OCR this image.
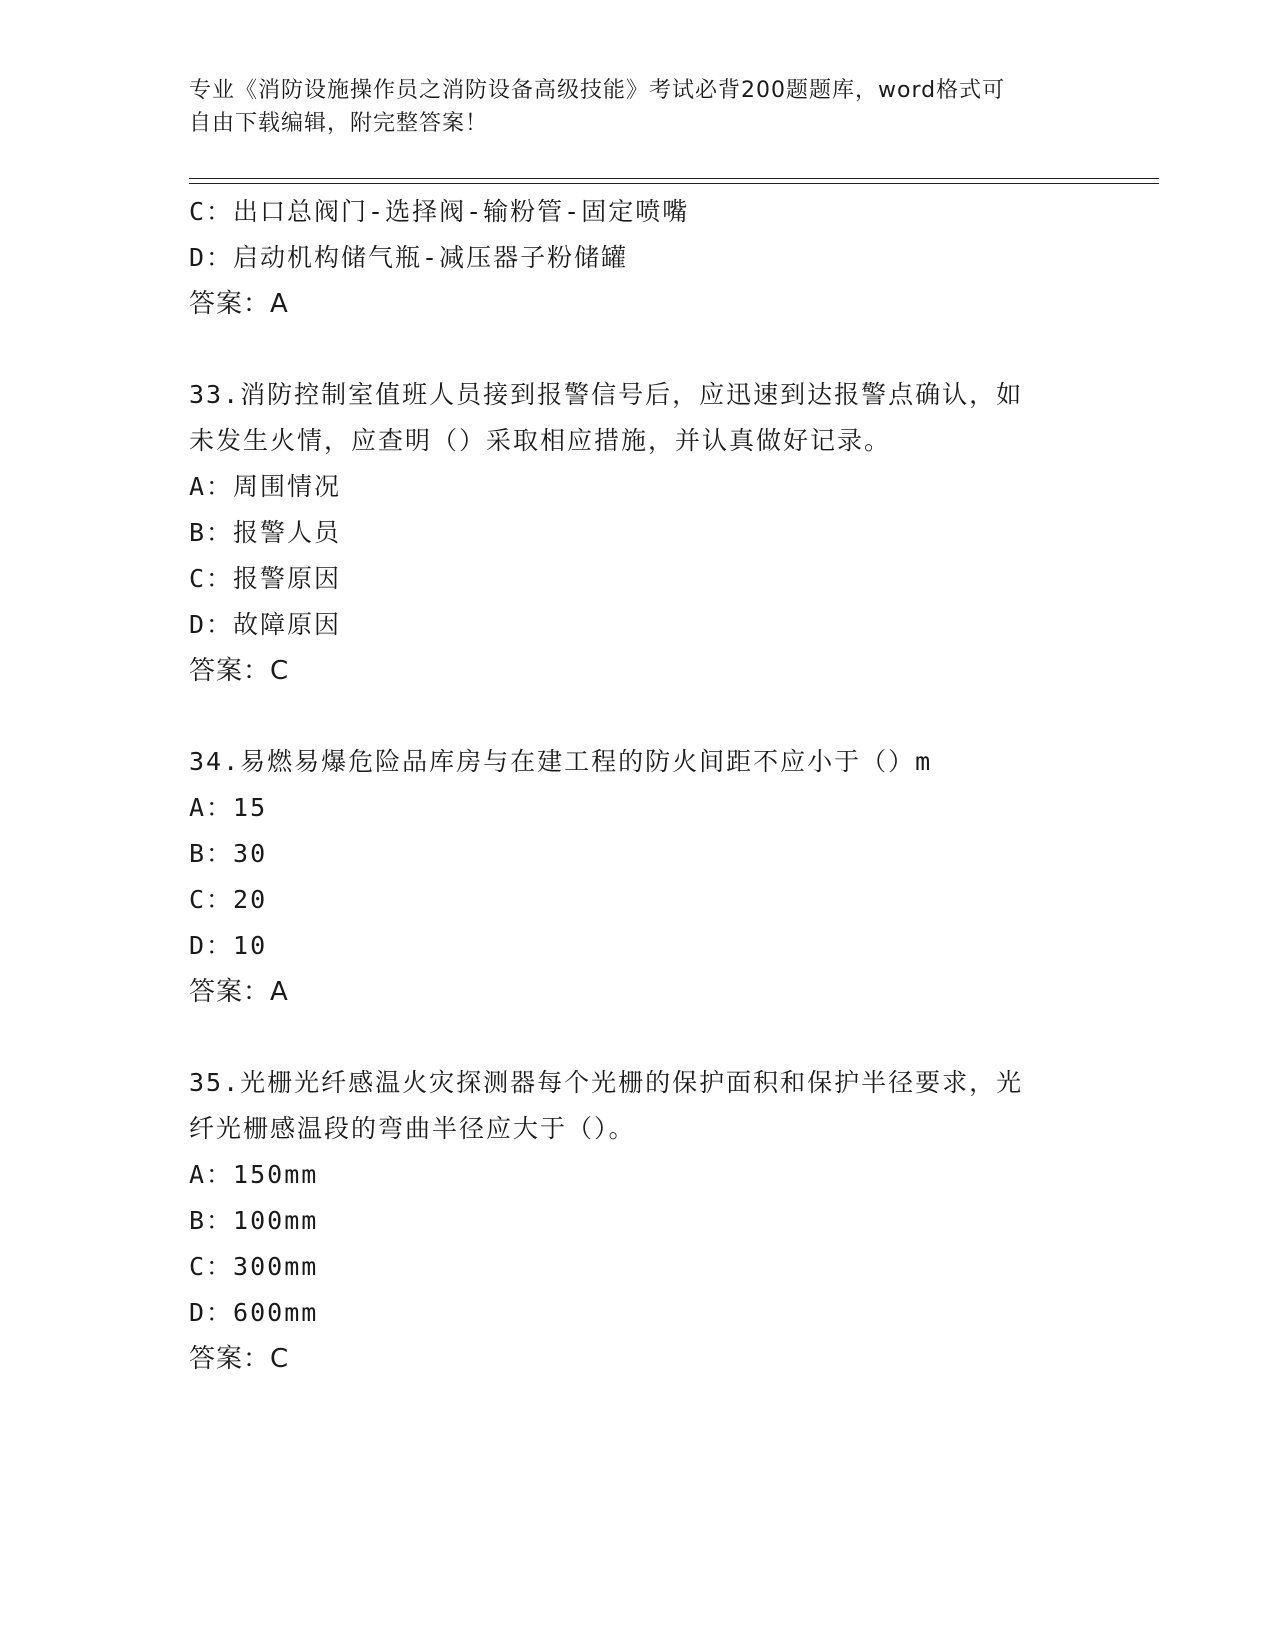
专业《消防设施操作员之消防设备高级技能》考试必背200题题库，word格式可
自由下载编辑，附完整答案！
C：出口总阀门-选择阀-输粉管-固定喷嘴
D：启动机构储气瓶-减压器子粉储罐
答案：A
33.消防控制室值班人员接到报警信号后，应迅速到达报警点确认，如
未发生火情，应查明（）采取相应措施，并认真做好记录。
A：周围情况
B：报警人员
C：报警原因
D：故障原因
答案：C
34.易燃易爆危险品库房与在建工程的防火间距不应小于（）m
A：15
B：30
C：20
D：10
答案：A
35.光栅光纤感温火灾探测器每个光栅的保护面积和保护半径要求，光
纤光栅感温段的弯曲半径应大于（）。
A：150mm
B：100mm
C：300mm
D：600mm
答案：C
